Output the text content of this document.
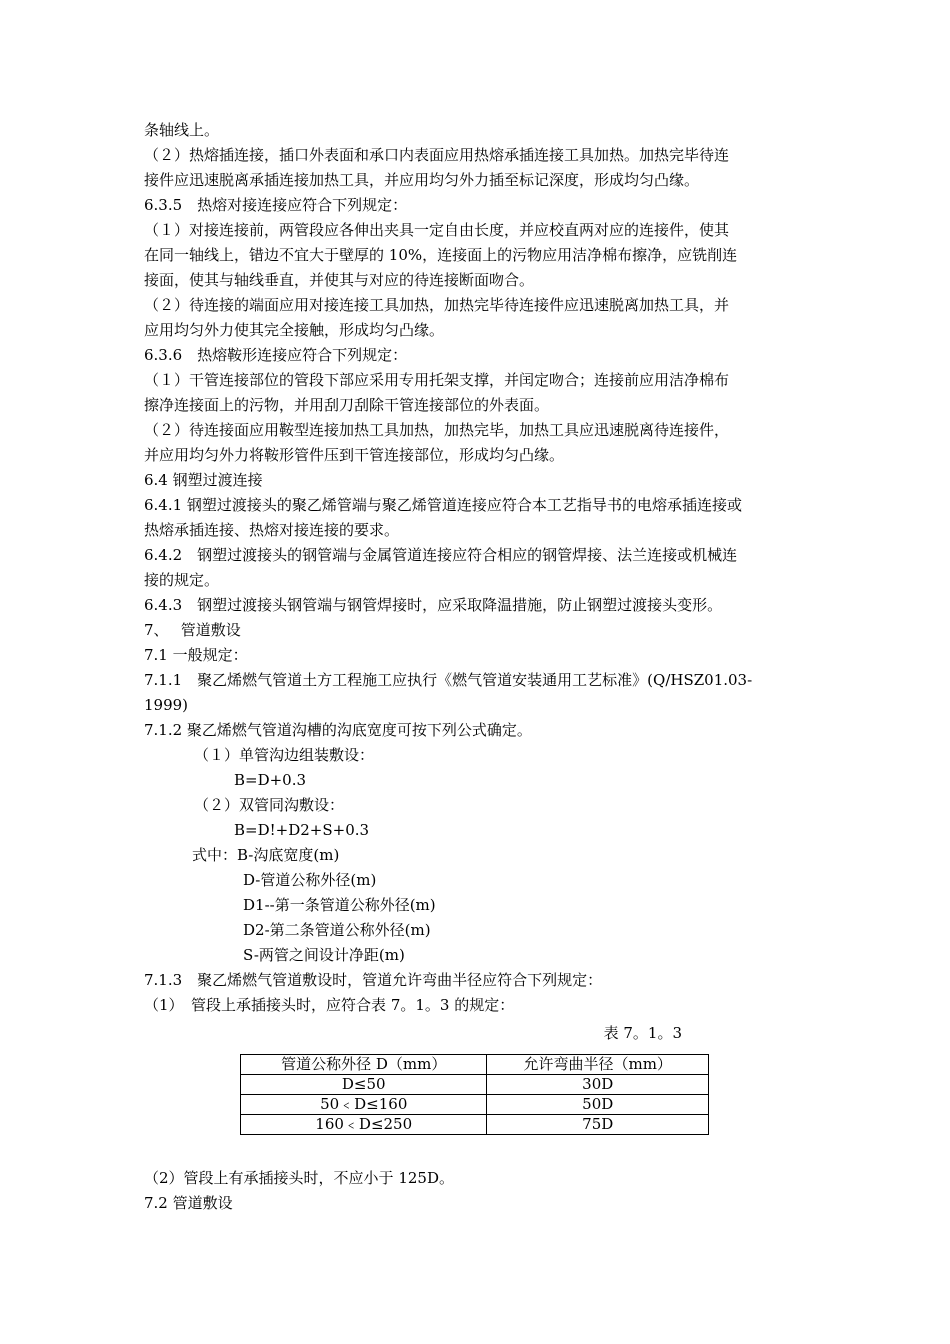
条轴线上。
（２）热熔插连接，插口外表面和承口内表面应用热熔承插连接工具加热。加热完毕待连
接件应迅速脱离承插连接加热工具，并应用均匀外力插至标记深度，形成均匀凸缘。
6.3.5　热熔对接连接应符合下列规定：
（１）对接连接前，两管段应各伸出夹具一定自由长度，并应校直两对应的连接件，使其
在同一轴线上，错边不宜大于壁厚的 10%，连接面上的污物应用洁净棉布擦净，应铣削连
接面，使其与轴线垂直，并使其与对应的待连接断面吻合。
（２）待连接的端面应用对接连接工具加热，加热完毕待连接件应迅速脱离加热工具，并
应用均匀外力使其完全接触，形成均匀凸缘。
6.3.6　热熔鞍形连接应符合下列规定：
（１）干管连接部位的管段下部应采用专用托架支撑，并闰定吻合；连接前应用洁净棉布
擦净连接面上的污物，并用刮刀刮除干管连接部位的外表面。
（２）待连接面应用鞍型连接加热工具加热，加热完毕，加热工具应迅速脱离待连接件，
并应用均匀外力将鞍形管件压到干管连接部位，形成均匀凸缘。
6.4 钢塑过渡连接
6.4.1 钢塑过渡接头的聚乙烯管端与聚乙烯管道连接应符合本工艺指导书的电熔承插连接或
热熔承插连接、热熔对接连接的要求。
6.4.2　钢塑过渡接头的钢管端与金属管道连接应符合相应的钢管焊接、法兰连接或机械连
接的规定。
6.4.3　钢塑过渡接头钢管端与钢管焊接时，应采取降温措施，防止钢塑过渡接头变形。
7、　 管道敷设
7.1 一般规定：
7.1.1　聚乙烯燃气管道土方工程施工应执行《燃气管道安装通用工艺标准》(Q/HSZ01.03-
1999)
7.1.2 聚乙烯燃气管道沟槽的沟底宽度可按下列公式确定。
（１）单管沟边组装敷设：
B=D+0.3
（２）双管同沟敷设：
B=D!+D2+S+0.3
式中：B-沟底宽度(m)
D-管道公称外径(m)
D1--第一条管道公称外径(m)
D2-第二条管道公称外径(m)
S-两管之间设计净距(m)
7.1.3　聚乙烯燃气管道敷设时，管道允许弯曲半径应符合下列规定：
（1）　管段上承插接头时，应符合表 7。1。3 的规定：
表 7。1。3
管道公称外径 D（mm）	允许弯曲半径（mm）
D≤50	30D
50﹤D≤160	50D
160﹤D≤250	75D
（2）管段上有承插接头时，不应小于 125D。
7.2 管道敷设
